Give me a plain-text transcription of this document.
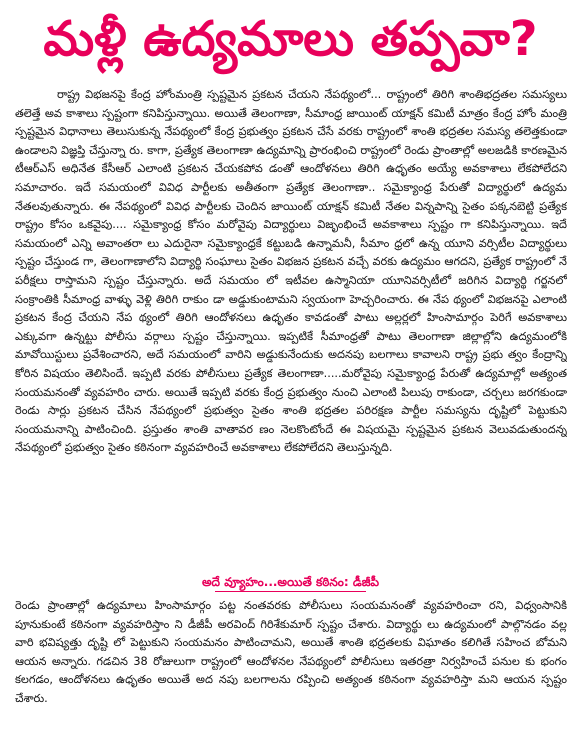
మళ్లీ ఉద్యమాలు తప్పవా?

రాష్ట్ర విభజనపై కేంద్ర హోంమంత్రి స్పష్టమైన ప్రకటన చేయని నేపథ్యంలో... రాష్ట్రంలో తిరిగి శాంతిభద్రతల సమస్యలు తలెత్తే అవ కాశాలు స్పష్టంగా కనిపిస్తున్నాయి. అయితే తెలంగాణా, సీమాంధ్ర జాయింట్ యాక్షన్ కమిటీ మాత్రం కేంద్ర హోం మంత్రి స్పష్టమైన విధానాలు తెలుసుకున్న నేపథ్యంలో కేంద్ర ప్రభుత్వం ప్రకటన చేసే వరకు రాష్ట్రంలో శాంతి భద్రతల సమస్య తలెత్తకుండా ఉండాలని విజ్ఞప్తి చేస్తున్నా రు. కాగా, ప్రత్యేక తెలంగాణా ఉద్యమాన్ని ప్రారంభించి రాష్ట్రంలో రెండు ప్రాంతాల్లో అలజడికి కారణమైన టీఆర్ఎస్ అధినేత కేసీఆర్ ఎలాంటి ప్రకటన చేయకపోవ డంతో ఆందోళనలు తిరిగి ఉధృతం అయ్యే అవకాశాలు లేకపోలేదని సమాచారం. ఇదే సమయంలో వివిధ పార్టీలకు అతీతంగా ప్రత్యేక తెలంగాణా.. సమైక్యాంధ్ర పేరుతో విద్యార్థులో ఉద్యమ నేతలవుతున్నారు. ఈ నేపథ్యంలో వివిధ పార్టీలకు చెందిన జాయింట్ యాక్షన్ కమిటీ నేతల విన్నపాన్ని సైతం పక్కనబెట్టి ప్రత్యేక రాష్ట్రం కోసం ఒకవైపు.... సమైక్యాంధ్ర కోసం మరోవైపు విద్యార్థులు విజృంభించే అవకాశాలు స్పష్టం గా కనిపిస్తున్నాయి. ఇదే సమయంలో ఎన్ని అవాంతరా లు ఎదురైనా సమైక్యాంధ్రకే కట్టుబడి ఉన్నామనీ, సీమాం ధ్రలో ఉన్న యూని వర్సిటీల విద్యార్థులు స్పష్టం చేస్తుండ గా, తెలంగాణాలోని విద్యార్థి సంఘాలు సైతం విభజన ప్రకటన వచ్చే వరకు ఉద్యమం ఆగదని, ప్రత్యేక రాష్ట్రంలో నే పరీక్షలు రాస్తామని స్పష్టం చేస్తున్నారు. అదే సమయం లో ఇటీవల ఉస్మానియా యూనివర్సిటీలో జరిగిన విద్యార్థి గర్జనలో సంక్రాంతికి సీమాంధ్ర వాళ్ళు వెళ్లి తిరిగి రాకుం డా అడ్డుకుంటామని స్వయంగా హెచ్చరించారు. ఈ నేప థ్యంలో విభజనపై ఎలాంటి ప్రకటన కేంద్ర చేయని నేప థ్యంలో తిరిగి ఆందోళనలు ఉధృతం కావడంతో పాటు అల్లర్లలో హింసామార్గం పెరిగే అవకాశాలు ఎక్కువగా ఉన్నట్టు పోలీసు వర్గాలు స్పష్టం చేస్తున్నాయి. ఇప్పటికే సీమాంధ్రతో పాటు తెలంగాణా జిల్లాల్లోని ఉద్యమంలోకి మావోయిస్టులు ప్రవేశించారని, అదే సమయంలో వారిని అడ్డుకునేందుకు అదనపు బలగాలు కావాలని రాష్ట్ర ప్రభు త్వం కేంద్రాన్ని కోరిన విషయం తెలిసిందే. ఇప్పటి వరకు పోలీసులు ప్రత్యేక తెలంగాణా.....మరోవైపు సమైక్యాంధ్ర పేరుతో ఉద్యమాల్లో అత్యంత సంయమనంతో వ్యవహరిం చారు. అయితే ఇప్పటి వరకు కేంద్ర ప్రభుత్వం నుంచి ఎలాంటి పిలుపు రాకుండా, చర్చలు జరగకుండా రెండు సార్లు ప్రకటన చేసిన నేపథ్యంలో ప్రభుత్వం సైతం శాంతి భద్రతల పరిరక్షణ పార్టీల సమస్యను దృష్టిలో పెట్టుకుని సంయమనాన్ని పాటించింది. ప్రస్తుతం శాంతి వాతావర ణం నెలకొంటోందే ఈ విషయమై స్పష్టమైన ప్రకటన వెలువడుతుందన్న నేపథ్యంలో ప్రభుత్వం సైతం కఠినంగా వ్యవహరించే అవకాశాలు లేకపోలేదని తెలుస్తున్నది.

అదే వ్యూహం...అయితే కఠినం: డీజీపీ

రెండు ప్రాంతాల్లో ఉద్యమాలు హింసామార్గం పట్ట నంతవరకు పోలీసులు సంయమనంతో వ్యవహరించా రని, విధ్వంసానికి పూనుకుంటే కఠినంగా వ్యవహరిస్తాం ని డీజీపీ అరవింద్ గిరిశేకుమార్ స్పష్టం చేశారు. విద్యార్థు లు ఉద్యమంలో పాల్గొనడం వల్ల వారి భవిష్యత్తు దృష్టి లో పెట్టుకుని సంయమనం పాటించామని, అయితే శాంతి భద్రతలకు విఘాతం కలిగితే సహించ బోమని ఆయన అన్నారు. గడచిన 38 రోజులుగా రాష్ట్రంలో ఆందోళనల నేపథ్యంలో పోలీసులు ఇతరత్రా నిర్వహించే పనుల కు భంగం కలగడం, ఆందోళనలు ఉధృతం అయితే అద నపు బలగాలను రప్పించి అత్యంత కఠినంగా వ్యవహరిస్తా మని ఆయన స్పష్టం చేశారు.
